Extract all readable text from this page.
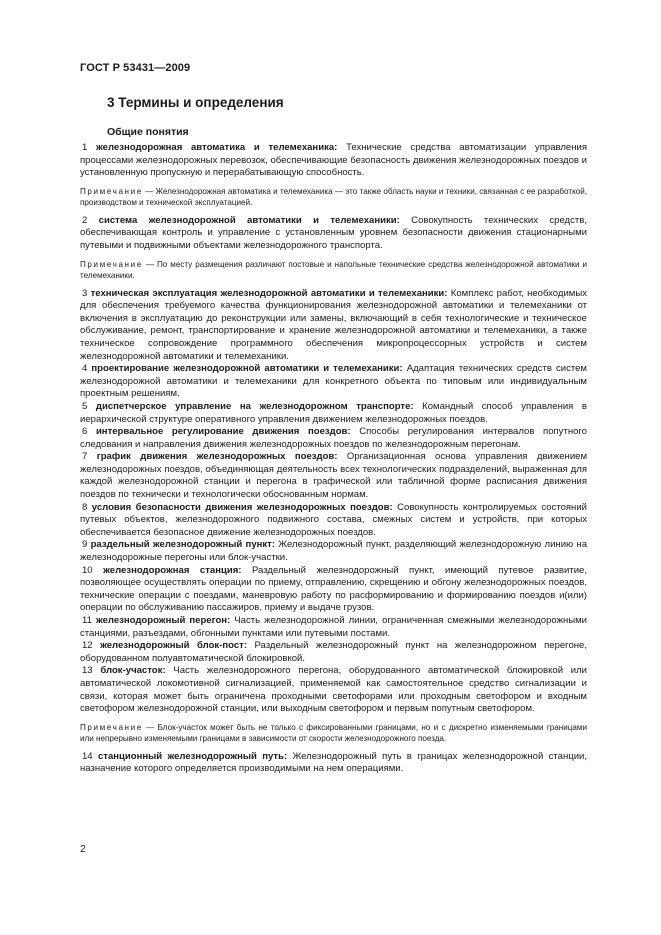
ГОСТ Р 53431—2009
3 Термины и определения
Общие понятия

1 железнодорожная автоматика и телемеханика: Технические средства автоматизации управления процессами железнодорожных перевозок, обеспечивающие безопасность движения железнодорожных поездов и установленную пропускную и перерабатывающую способность.

Примечание — Железнодорожная автоматика и телемеханика — это также область науки и техники, связанная с ее разработкой, производством и технической эксплуатацией.

2 система железнодорожной автоматики и телемеханики: Совокупность технических средств, обеспечивающая контроль и управление с установленным уровнем безопасности движения стационарными путевыми и подвижными объектами железнодорожного транспорта.

Примечание — По месту размещения различают постовые и напольные технические средства железнодорожной автоматики и телемеханики.

3 техническая эксплуатация железнодорожной автоматики и телемеханики: Комплекс работ, необходимых для обеспечения требуемого качества функционирования железнодорожной автоматики и телемеханики от включения в эксплуатацию до реконструкции или замены, включающий в себя технологические и техническое обслуживание, ремонт, транспортирование и хранение железнодорожной автоматики и телемеханики, а также техническое сопровождение программного обеспечения микропроцессорных устройств и систем железнодорожной автоматики и телемеханики.

4 проектирование железнодорожной автоматики и телемеханики: Адаптация технических средств систем железнодорожной автоматики и телемеханики для конкретного объекта по типовым или индивидуальным проектным решениям.

5 диспетчерское управление на железнодорожном транспорте: Командный способ управления в иерархической структуре оперативного управления движением железнодорожных поездов.

6 интервальное регулирование движения поездов: Способы регулирования интервалов попутного следования и направления движения железнодорожных поездов по железнодорожным перегонам.

7 график движения железнодорожных поездов: Организационная основа управления движением железнодорожных поездов, объединяющая деятельность всех технологических подразделений, выраженная для каждой железнодорожной станции и перегона в графической или табличной форме расписания движения поездов по технически и технологически обоснованным нормам.

8 условия безопасности движения железнодорожных поездов: Совокупность контролируемых состояний путевых объектов, железнодорожного подвижного состава, смежных систем и устройств, при которых обеспечивается безопасное движение железнодорожных поездов.

9 раздельный железнодорожный пункт: Железнодорожный пункт, разделяющий железнодорожную линию на железнодорожные перегоны или блок-участки.

10 железнодорожная станция: Раздельный железнодорожный пункт, имеющий путевое развитие, позволяющее осуществлять операции по приему, отправлению, скрещению и обгону железнодорожных поездов, технические операции с поездами, маневровую работу по расформированию и формированию поездов и(или) операции по обслуживанию пассажиров, приему и выдаче грузов.

11 железнодорожный перегон: Часть железнодорожной линии, ограниченная смежными железнодорожными станциями, разъездами, обгонными пунктами или путевыми постами.

12 железнодорожный блок-пост: Раздельный железнодорожный пункт на железнодорожном перегоне, оборудованном полуавтоматической блокировкой.

13 блок-участок: Часть железнодорожного перегона, оборудованного автоматической блокировкой или автоматической локомотивной сигнализацией, применяемой как самостоятельное средство сигнализации и связи, которая может быть ограничена проходными светофорами или проходным светофором и входным светофором железнодорожной станции, или выходным светофором и первым попутным светофором.

Примечание — Блок-участок может быть не только с фиксированными границами, но и с дискретно изменяемыми границами или непрерывно изменяемыми границами в зависимости от скорости железнодорожного поезда.

14 станционный железнодорожный путь: Железнодорожный путь в границах железнодорожной станции, назначение которого определяется производимыми на нем операциями.

2
